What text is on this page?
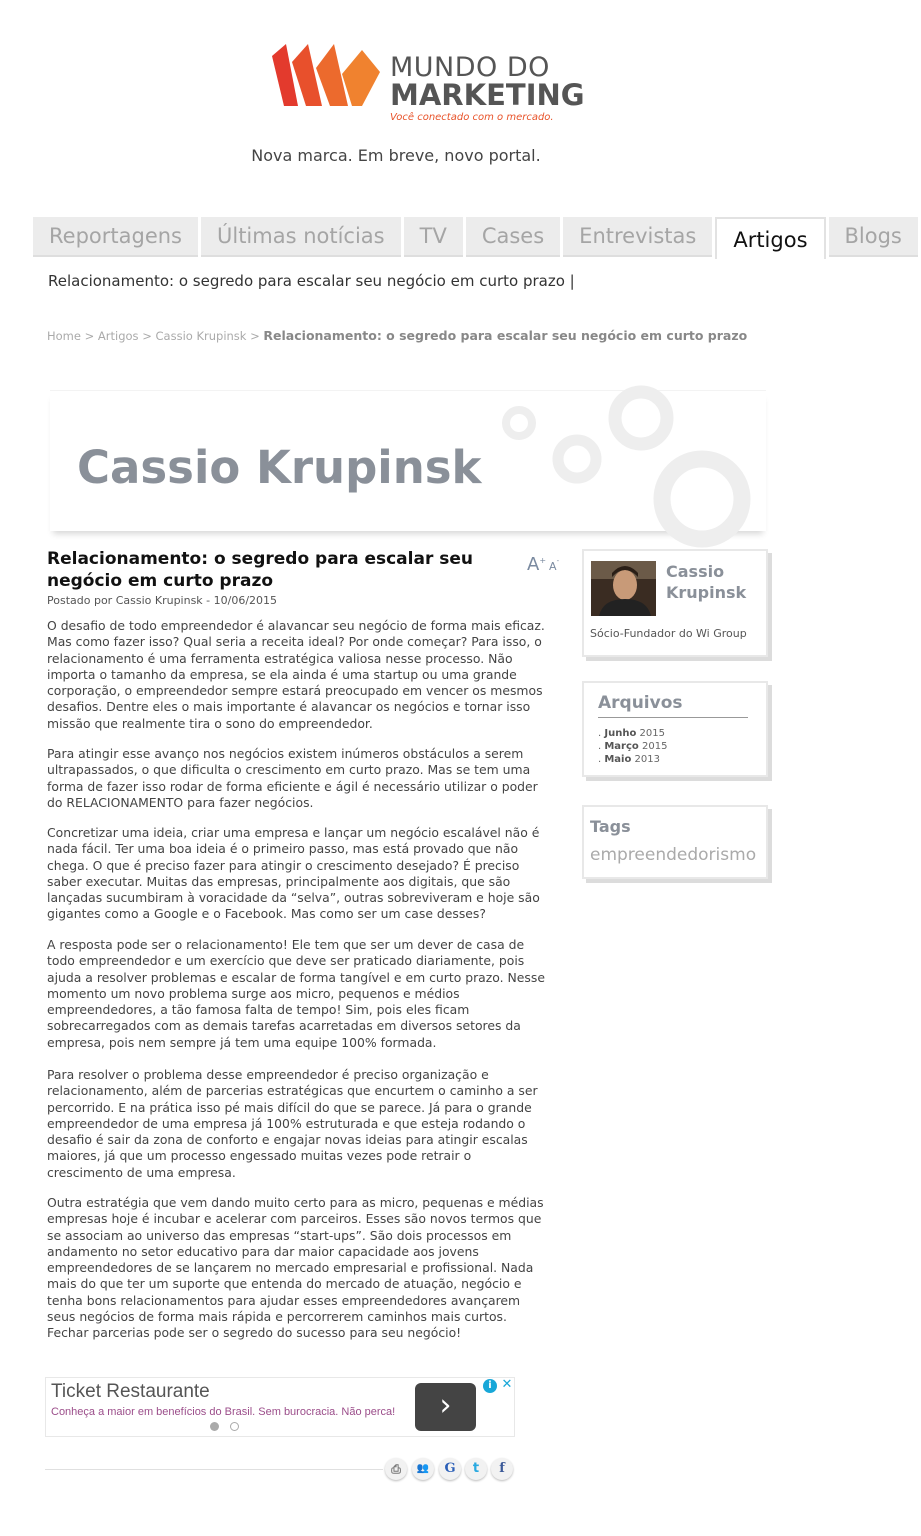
MUNDO DO
MARKETING
Você conectado com o mercado.
Nova marca. Em breve, novo portal.
Reportagens Últimas notícias TV Cases Entrevistas Artigos Blogs
Relacionamento: o segredo para escalar seu negócio em curto prazo |
Home > Artigos > Cassio Krupinsk > Relacionamento: o segredo para escalar seu negócio em curto prazo
Cassio Krupinsk
Relacionamento: o segredo para escalar seu negócio em curto prazo
A+ A-
Postado por Cassio Krupinsk - 10/06/2015
O desafio de todo empreendedor é alavancar seu negócio de forma mais eficaz. Mas como fazer isso? Qual seria a receita ideal? Por onde começar? Para isso, o relacionamento é uma ferramenta estratégica valiosa nesse processo. Não importa o tamanho da empresa, se ela ainda é uma startup ou uma grande corporação, o empreendedor sempre estará preocupado em vencer os mesmos desafios. Dentre eles o mais importante é alavancar os negócios e tornar isso missão que realmente tira o sono do empreendedor.
Para atingir esse avanço nos negócios existem inúmeros obstáculos a serem ultrapassados, o que dificulta o crescimento em curto prazo. Mas se tem uma forma de fazer isso rodar de forma eficiente e ágil é necessário utilizar o poder do RELACIONAMENTO para fazer negócios.
Concretizar uma ideia, criar uma empresa e lançar um negócio escalável não é nada fácil. Ter uma boa ideia é o primeiro passo, mas está provado que não chega. O que é preciso fazer para atingir o crescimento desejado? É preciso saber executar. Muitas das empresas, principalmente aos digitais, que são lançadas sucumbiram à voracidade da “selva”, outras sobreviveram e hoje são gigantes como a Google e o Facebook. Mas como ser um case desses?
A resposta pode ser o relacionamento! Ele tem que ser um dever de casa de todo empreendedor e um exercício que deve ser praticado diariamente, pois ajuda a resolver problemas e escalar de forma tangível e em curto prazo. Nesse momento um novo problema surge aos micro, pequenos e médios empreendedores, a tão famosa falta de tempo! Sim, pois eles ficam sobrecarregados com as demais tarefas acarretadas em diversos setores da empresa, pois nem sempre já tem uma equipe 100% formada.
Para resolver o problema desse empreendedor é preciso organização e relacionamento, além de parcerias estratégicas que encurtem o caminho a ser percorrido. E na prática isso pé mais difícil do que se parece. Já para o grande empreendedor de uma empresa já 100% estruturada e que esteja rodando o desafio é sair da zona de conforto e engajar novas ideias para atingir escalas maiores, já que um processo engessado muitas vezes pode retrair o crescimento de uma empresa.
Outra estratégia que vem dando muito certo para as micro, pequenas e médias empresas hoje é incubar e acelerar com parceiros. Esses são novos termos que se associam ao universo das empresas “start-ups”. São dois processos em andamento no setor educativo para dar maior capacidade aos jovens empreendedores de se lançarem no mercado empresarial e profissional. Nada mais do que ter um suporte que entenda do mercado de atuação, negócio e tenha bons relacionamentos para ajudar esses empreendedores avançarem seus negócios de forma mais rápida e percorrerem caminhos mais curtos. Fechar parcerias pode ser o segredo do sucesso para seu negócio!
Ticket Restaurante
Conheça a maior em benefícios do Brasil. Sem burocracia. Não perca!	›
i ✕
⎙	👥	G	t	f
Cassio
Krupinsk
Sócio-Fundador do Wi Group
Arquivos
. Junho 2015
. Março 2015
. Maio 2013
Tags
empreendedorismo
